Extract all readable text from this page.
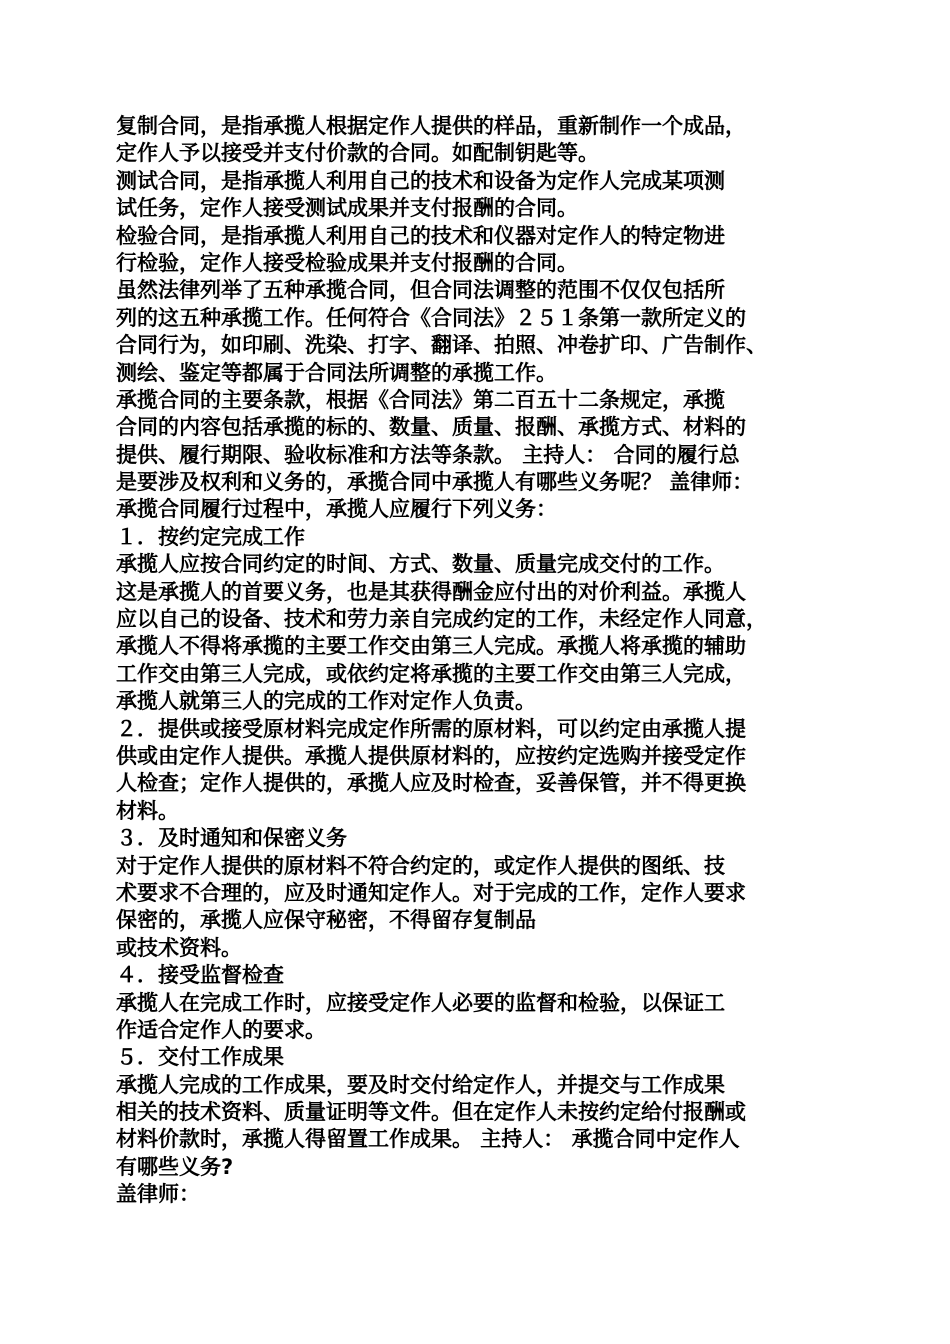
复制合同，是指承揽人根据定作人提供的样品，重新制作一个成品，
定作人予以接受并支付价款的合同。如配制钥匙等。
测试合同，是指承揽人利用自己的技术和设备为定作人完成某项测
试任务，定作人接受测试成果并支付报酬的合同。
检验合同，是指承揽人利用自己的技术和仪器对定作人的特定物进
行检验，定作人接受检验成果并支付报酬的合同。
虽然法律列举了五种承揽合同，但合同法调整的范围不仅仅包括所
列的这五种承揽工作。任何符合《合同法》２５１条第一款所定义的
合同行为，如印刷、洗染、打字、翻译、拍照、冲卷扩印、广告制作、
测绘、鉴定等都属于合同法所调整的承揽工作。
承揽合同的主要条款，根据《合同法》第二百五十二条规定，承揽
合同的内容包括承揽的标的、数量、质量、报酬、承揽方式、材料的
提供、履行期限、验收标准和方法等条款。 主持人： 合同的履行总
是要涉及权利和义务的，承揽合同中承揽人有哪些义务呢？ 盖律师：
承揽合同履行过程中，承揽人应履行下列义务：
１．按约定完成工作
承揽人应按合同约定的时间、方式、数量、质量完成交付的工作。
这是承揽人的首要义务，也是其获得酬金应付出的对价利益。承揽人
应以自己的设备、技术和劳力亲自完成约定的工作，未经定作人同意，
承揽人不得将承揽的主要工作交由第三人完成。承揽人将承揽的辅助
工作交由第三人完成，或依约定将承揽的主要工作交由第三人完成，
承揽人就第三人的完成的工作对定作人负责。
２．提供或接受原材料完成定作所需的原材料，可以约定由承揽人提
供或由定作人提供。承揽人提供原材料的，应按约定选购并接受定作
人检查；定作人提供的，承揽人应及时检查，妥善保管，并不得更换
材料。
３．及时通知和保密义务
对于定作人提供的原材料不符合约定的，或定作人提供的图纸、技
术要求不合理的，应及时通知定作人。对于完成的工作，定作人要求
保密的，承揽人应保守秘密，不得留存复制品
或技术资料。
４．接受监督检查
承揽人在完成工作时，应接受定作人必要的监督和检验，以保证工
作适合定作人的要求。
５．交付工作成果
承揽人完成的工作成果，要及时交付给定作人，并提交与工作成果
相关的技术资料、质量证明等文件。但在定作人未按约定给付报酬或
材料价款时，承揽人得留置工作成果。 主持人： 承揽合同中定作人
有哪些义务?
盖律师：
